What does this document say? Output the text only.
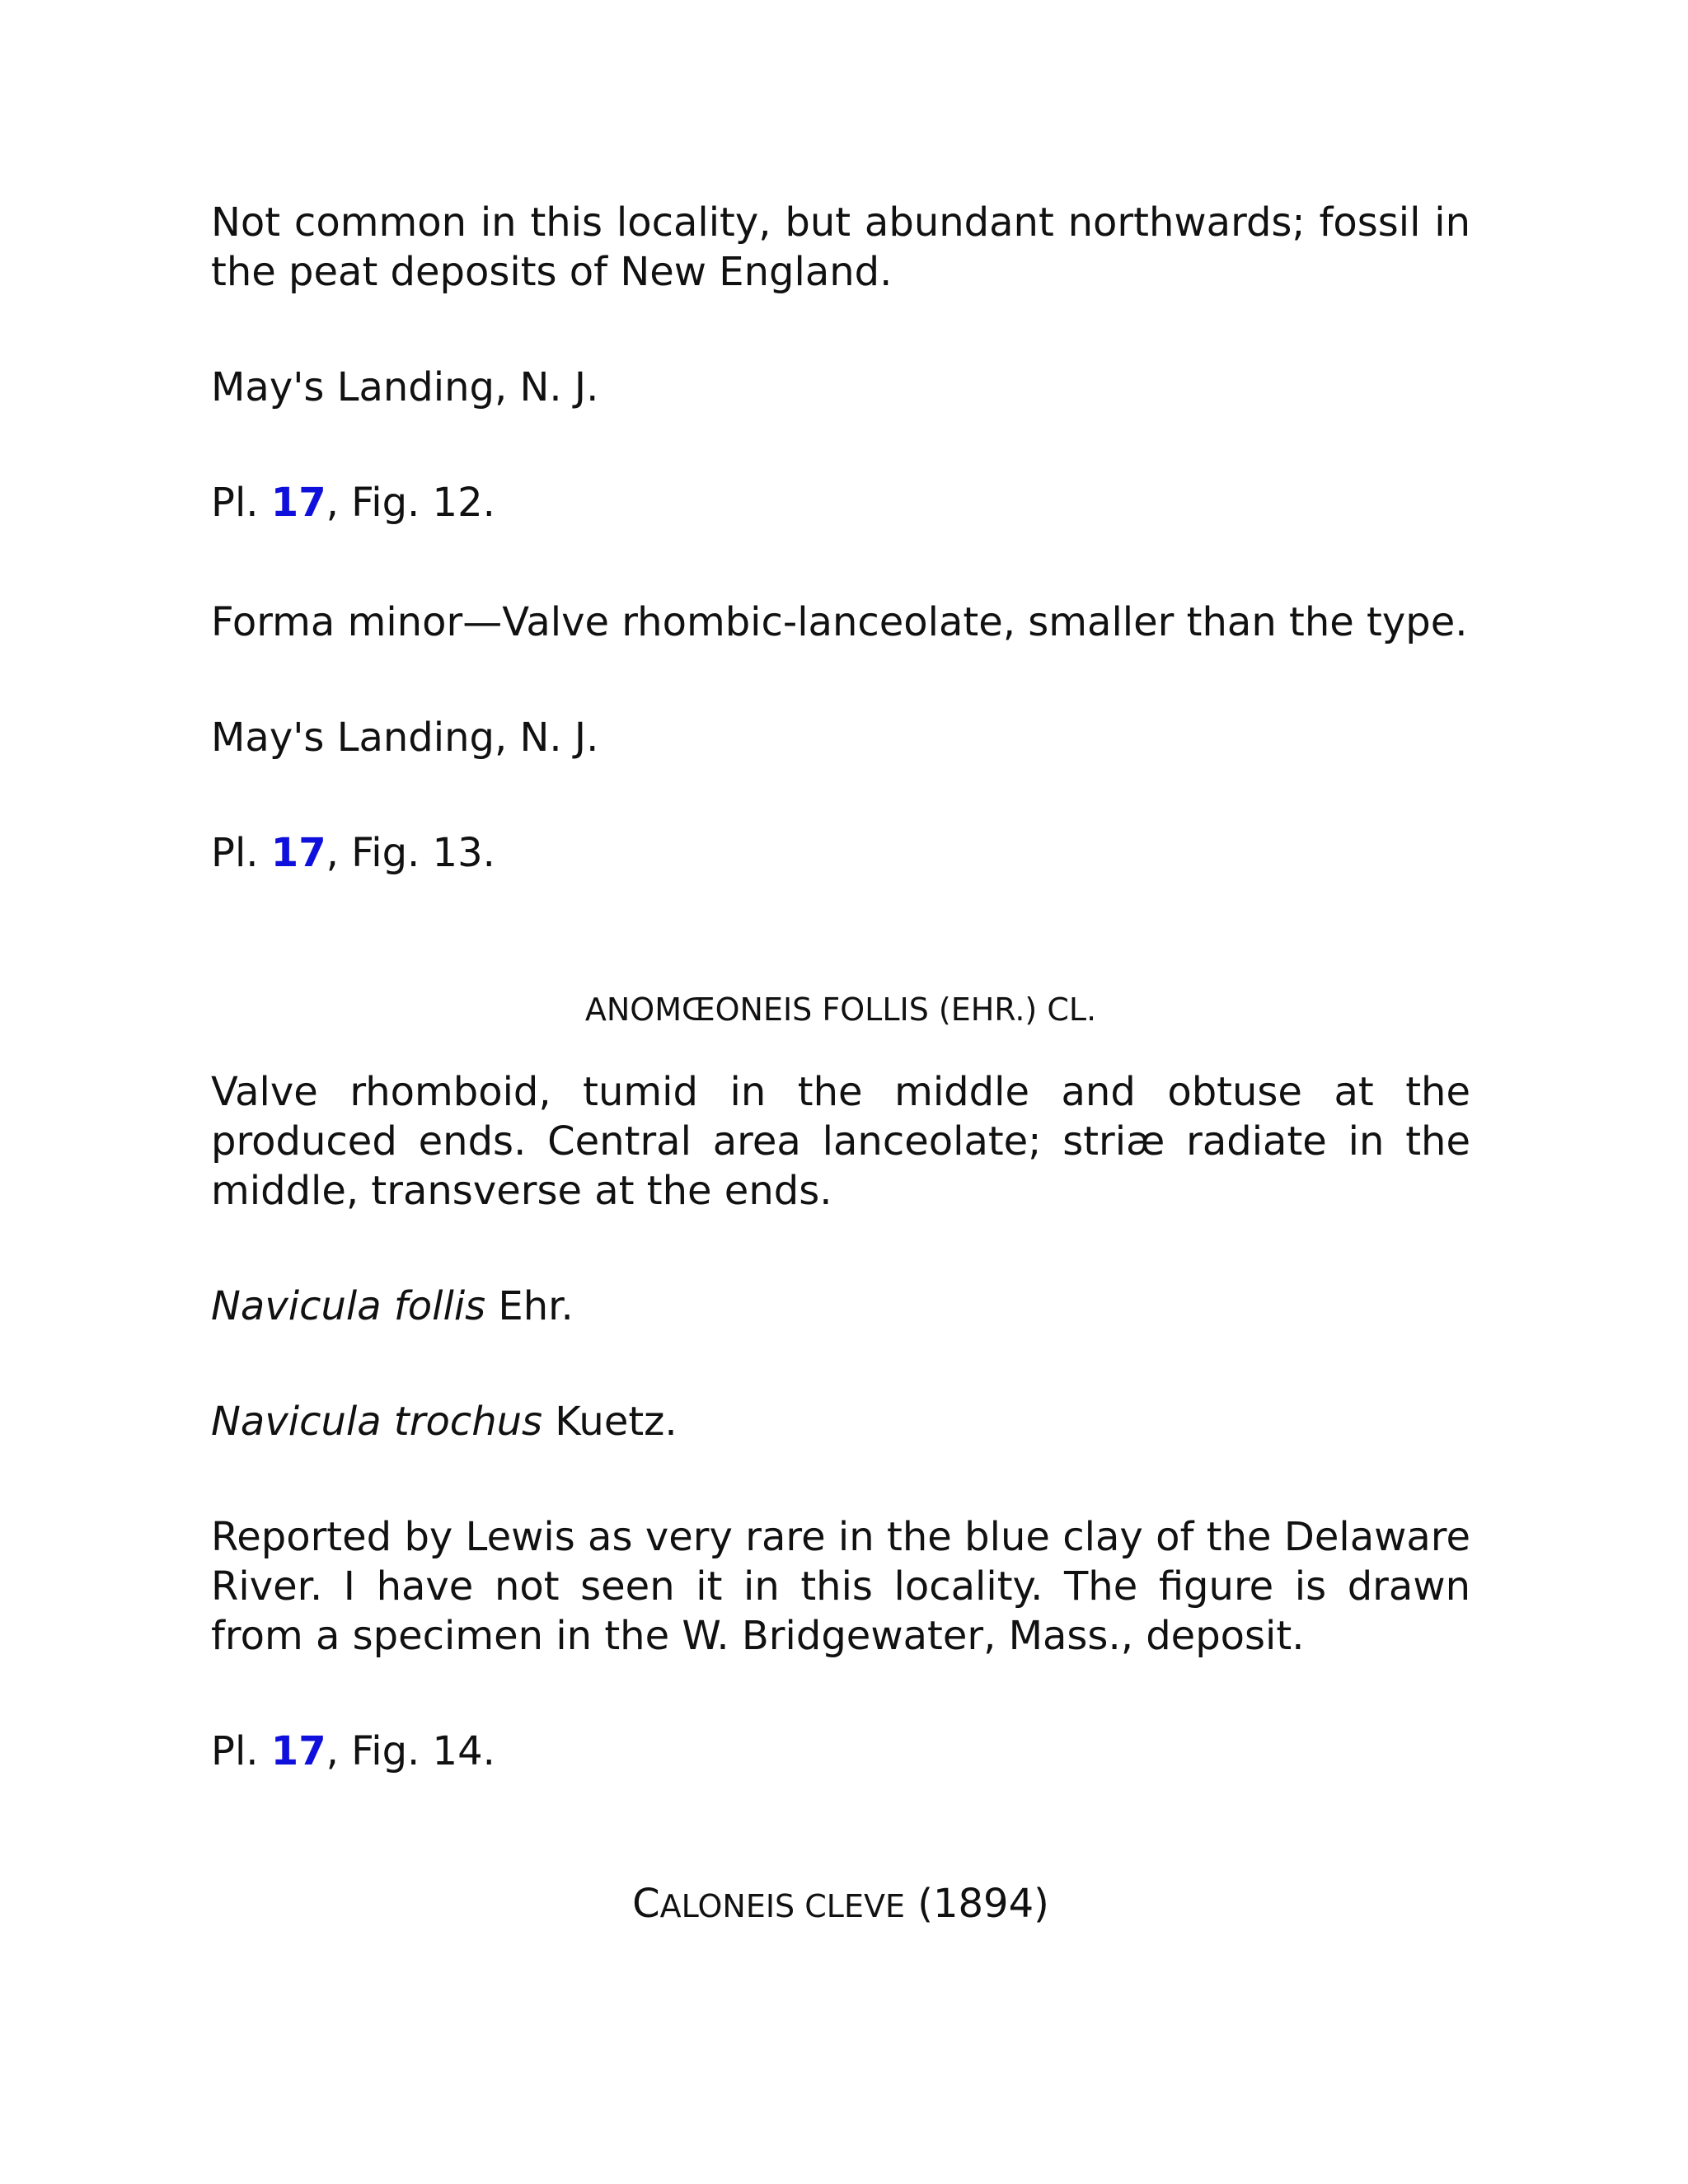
Not common in this locality, but abundant northwards; fossil in the peat deposits of New England.

May's Landing, N. J.

Pl. 17, Fig. 12.

Forma minor—Valve rhombic-lanceolate, smaller than the type.

May's Landing, N. J.

Pl. 17, Fig. 13.

ANOMŒONEIS FOLLIS (EHR.) CL.

Valve rhomboid, tumid in the middle and obtuse at the produced ends. Central area lanceolate; striæ radiate in the middle, transverse at the ends.

Navicula follis Ehr.

Navicula trochus Kuetz.

Reported by Lewis as very rare in the blue clay of the Delaware River. I have not seen it in this locality. The figure is drawn from a specimen in the W. Bridgewater, Mass., deposit.

Pl. 17, Fig. 14.

CALONEIS CLEVE (1894)
